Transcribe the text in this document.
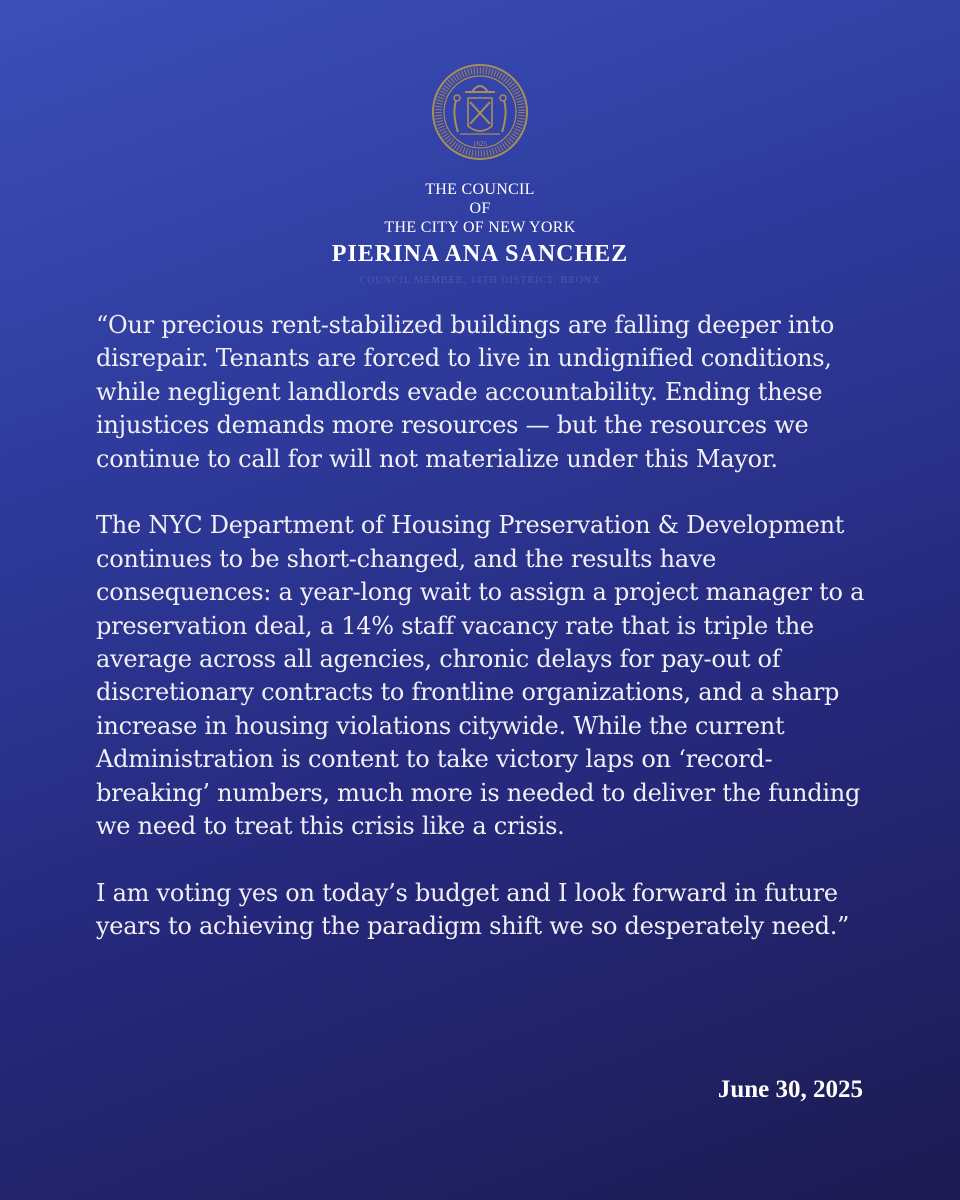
1625
THE COUNCIL
OF
THE CITY OF NEW YORK
PIERINA ANA SANCHEZ
COUNCIL MEMBER, 14TH DISTRICT, BRONX

“Our precious rent-stabilized buildings are falling deeper into disrepair. Tenants are forced to live in undignified conditions, while negligent landlords evade accountability. Ending these injustices demands more resources — but the resources we continue to call for will not materialize under this Mayor.

The NYC Department of Housing Preservation & Development continues to be short-changed, and the results have consequences: a year-long wait to assign a project manager to a preservation deal, a 14% staff vacancy rate that is triple the average across all agencies, chronic delays for pay-out of discretionary contracts to frontline organizations, and a sharp increase in housing violations citywide. While the current Administration is content to take victory laps on ‘record-breaking’ numbers, much more is needed to deliver the funding we need to treat this crisis like a crisis.

I am voting yes on today’s budget and I look forward in future years to achieving the paradigm shift we so desperately need.”

June 30, 2025
